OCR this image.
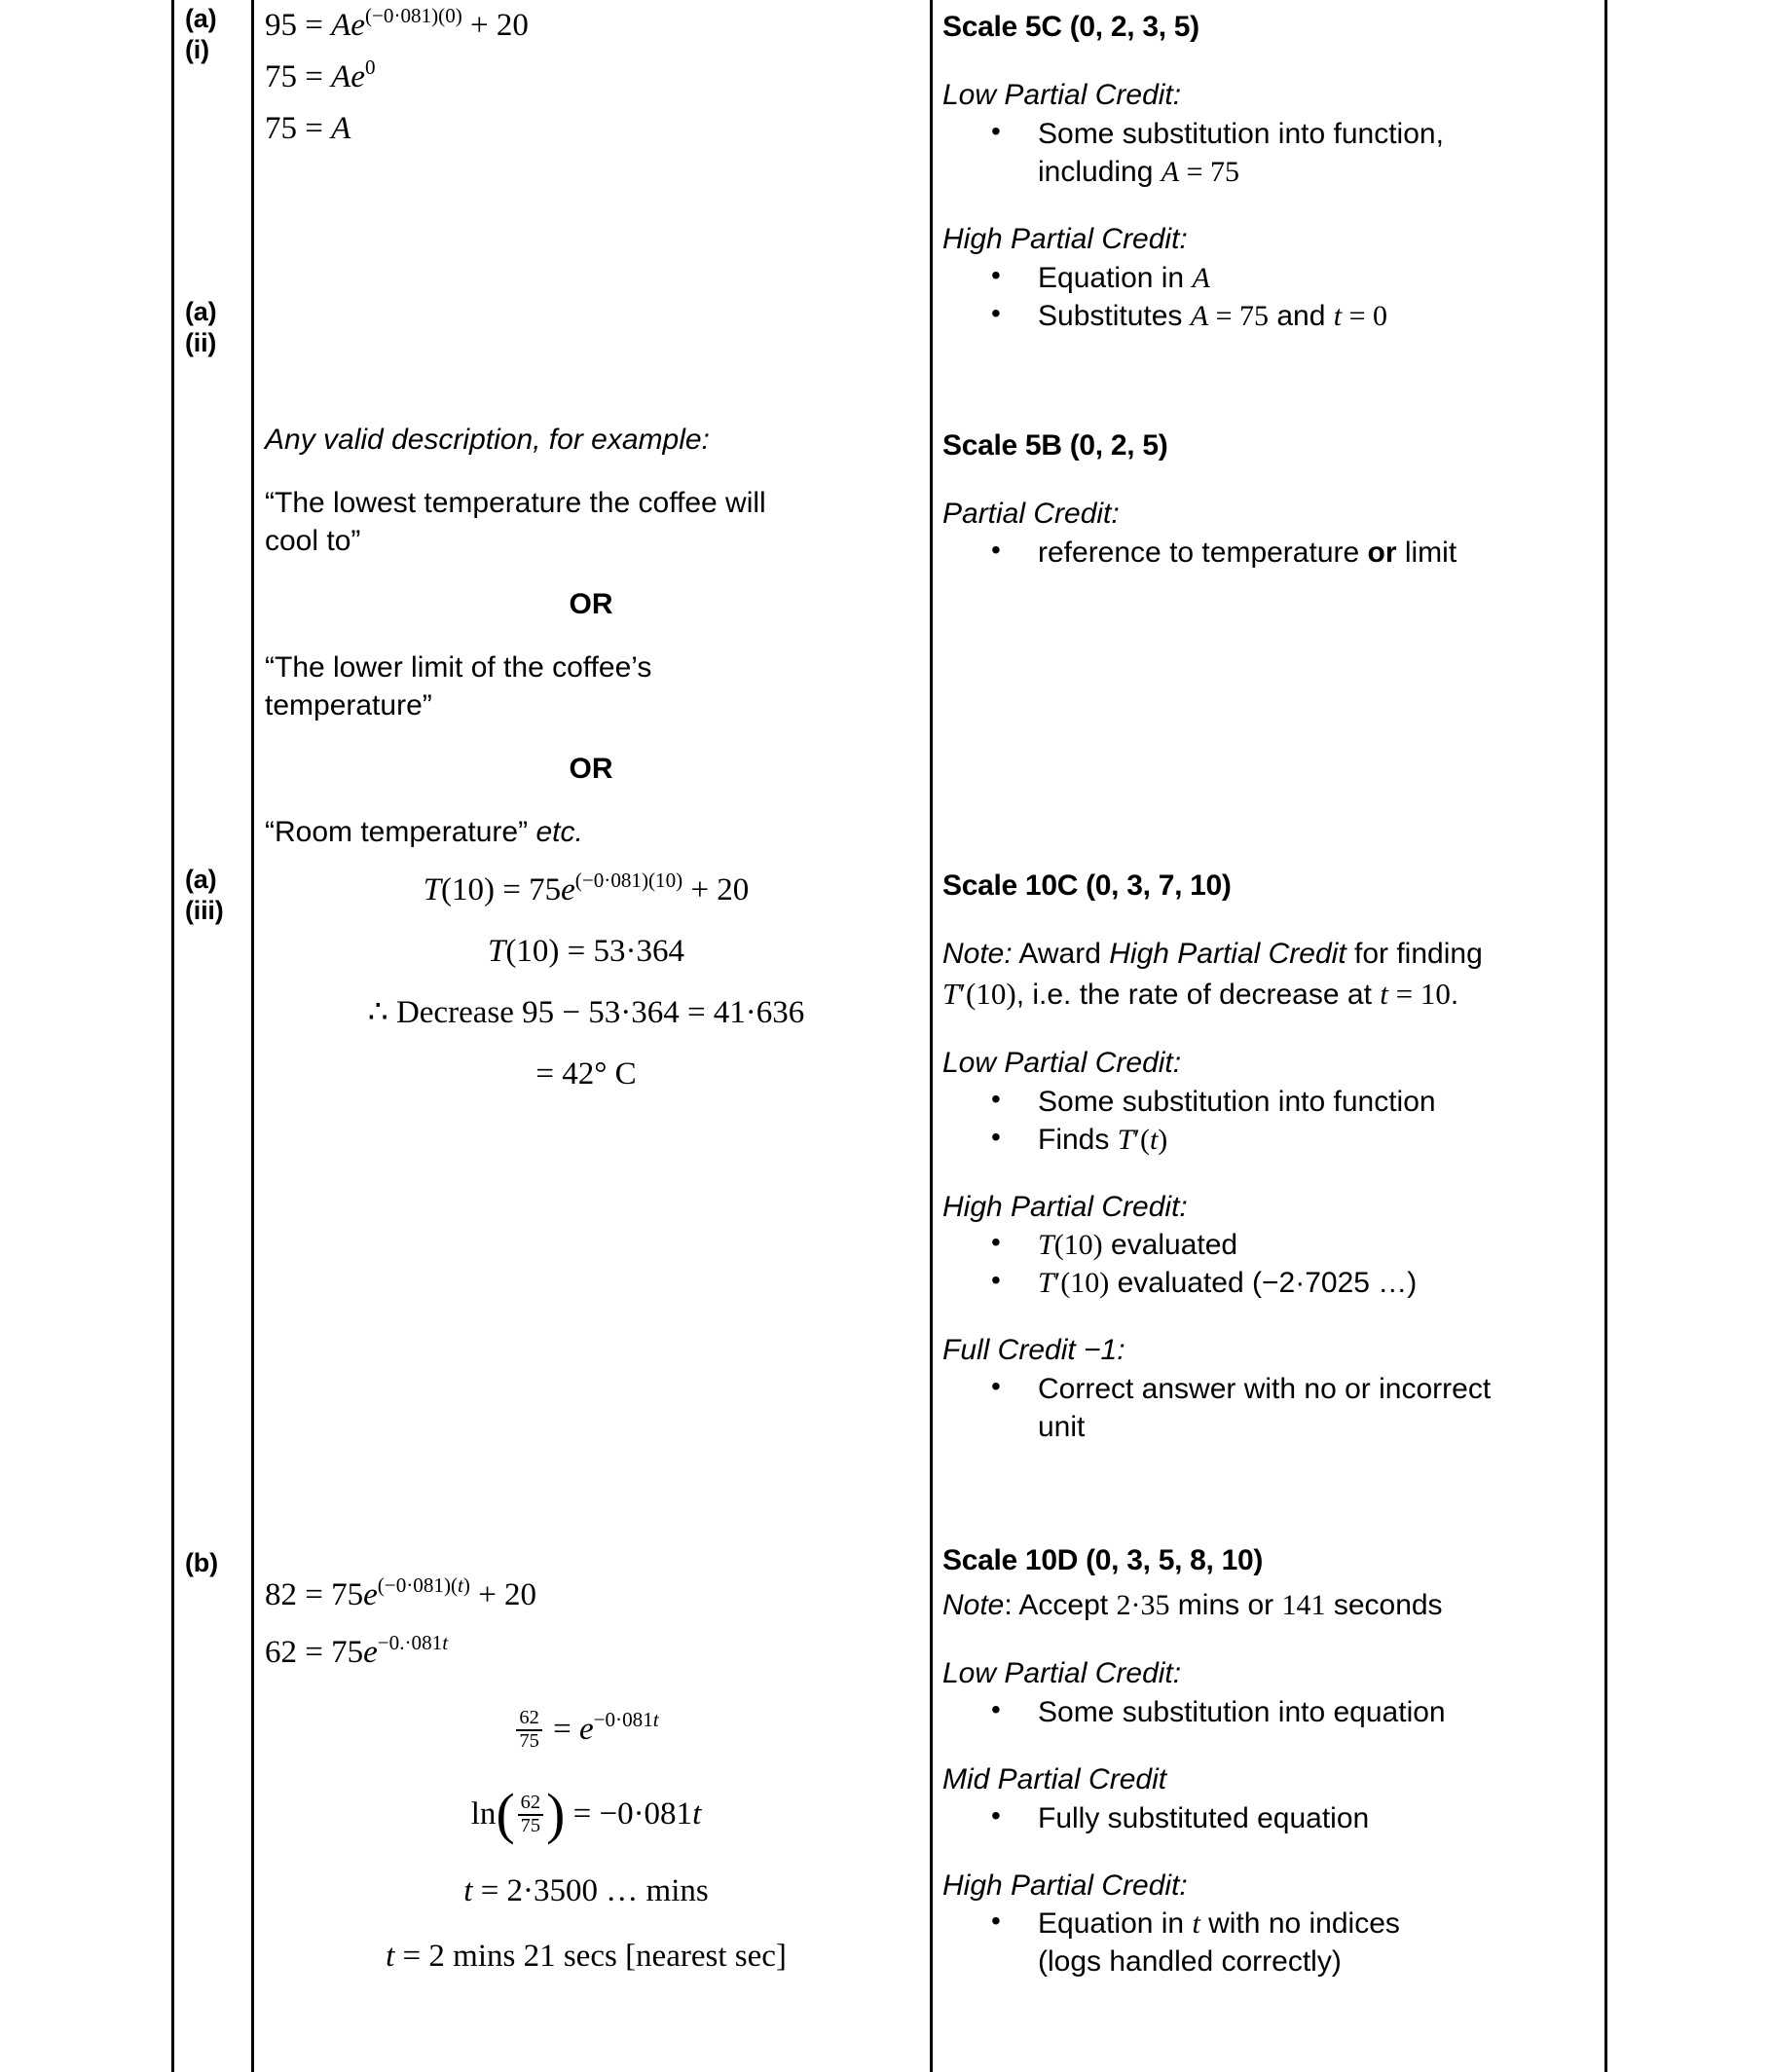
(a)
(i)
$95 = Ae^{(-0\cdot 081)(0)} + 20$
$75 = Ae^0$
75 = A

Scale 5C (0, 2, 3, 5)

Low Partial Credit:

• Some substitution into function,
including A = 75

High Partial Credit:

• Equation in A
• Substitutes A = 75 and t = 0
(a)
(ii)
Any valid description, for example:
“The lowest temperature the coffee will
cool to”
OR
“The lower limit of the coffee’s
temperature”
OR
“Room temperature” etc.

Scale 5B (0, 2, 5)

Partial Credit:

• reference to temperature or limit
(a)
(iii)
$T(10) = 75e^{(-0\cdot 081)(10)} + 20$
T(10) = 53·364
∴ Decrease 95 − 53·364 = 41·636
= 42° C

Scale 10C (0, 3, 7, 10)

Note: Award High Partial Credit for finding
T′(10), i.e. the rate of decrease at t = 10.

Low Partial Credit:

• Some substitution into function
• Finds T′(t)

High Partial Credit:

• T(10) evaluated
• T′(10) evaluated (−2·7025 …)

Full Credit −1:

• Correct answer with no or incorrect
unit
(b)
$82 = 75e^{(-0\cdot 081)(t)} + 20$
$62 = 75e^{-0.\cdot 081t}$
$\frac{62}{75} = e^{-0\cdot 081t}$
$\ln( \frac{62}{75}$ ) = −0·081t
t = 2·3500 … mins
t = 2 mins 21 secs [nearest sec]

Scale 10D (0, 3, 5, 8, 10)

Note: Accept 2·35 mins or 141 seconds

Low Partial Credit:

• Some substitution into equation

Mid Partial Credit

• Fully substituted equation

High Partial Credit:

• Equation in t with no indices
(logs handled correctly)
